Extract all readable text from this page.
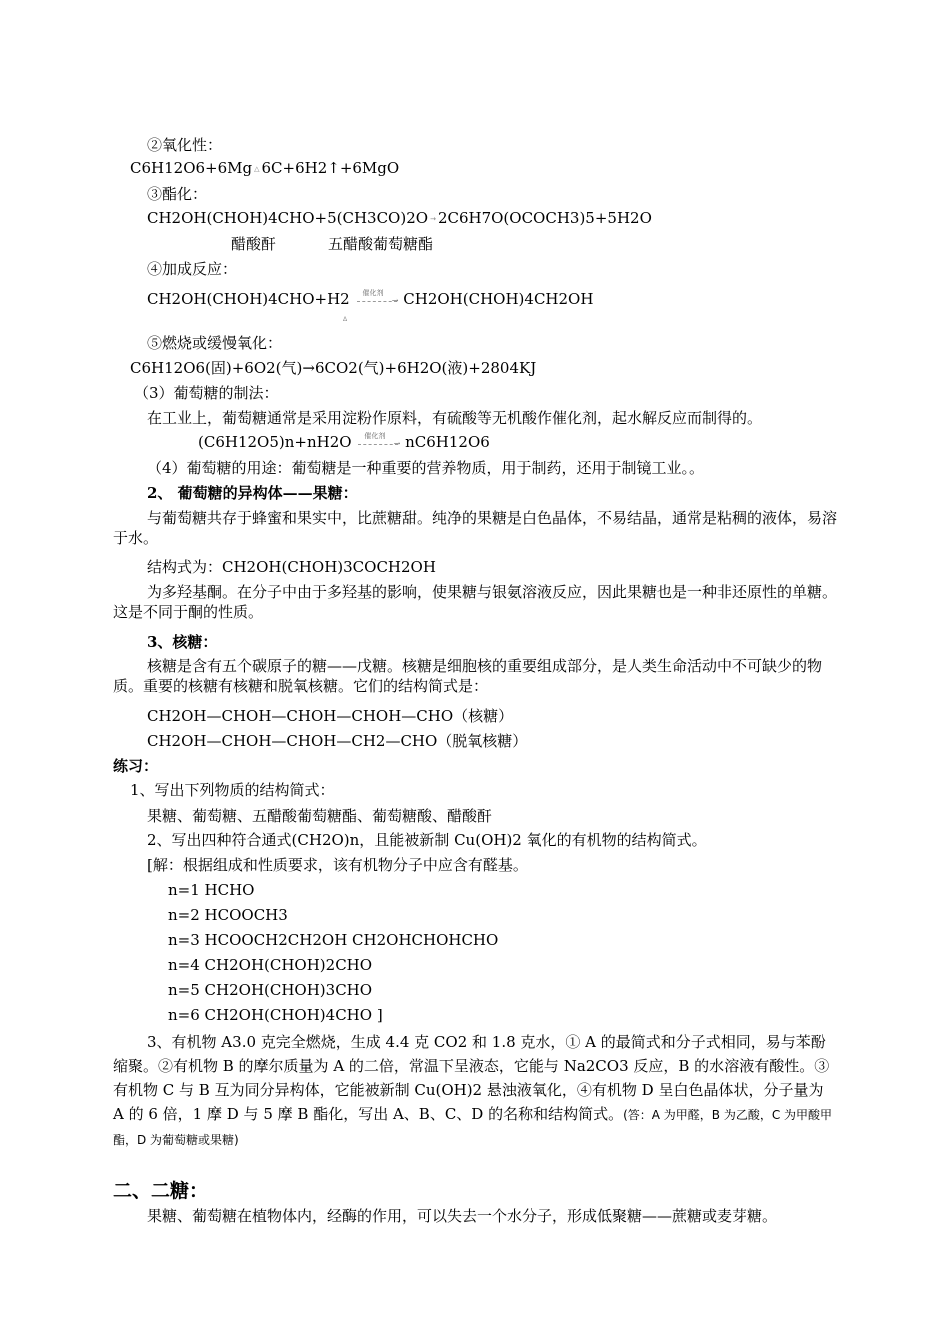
②氧化性：
C6H12O6+6Mg △ 6C+6H2↑+6MgO
③酯化：
CH2OH(CHOH)4CHO+5(CH3CO)2O → 2C6H7O(OCOCH3)5+5H2O
醋酸酐	五醋酸葡萄糖酯
④加成反应：
CH2OH(CHOH)4CHO+H2 催化剂
→ CH2OH(CHOH)4CH2OH
Δ
⑤燃烧或缓慢氧化：
C6H12O6(固)+6O2(气)→6CO2(气)+6H2O(液)+2804KJ
（3）葡萄糖的制法：
在工业上，葡萄糖通常是采用淀粉作原料，有硫酸等无机酸作催化剂，起水解反应而制得的。
(C6H12O5)n+nH2O 催化剂
→ nC6H12O6
（4）葡萄糖的用途：葡萄糖是一种重要的营养物质，用于制药，还用于制镜工业。。
2、 葡萄糖的异构体——果糖：
与葡萄糖共存于蜂蜜和果实中，比蔗糖甜。纯净的果糖是白色晶体，不易结晶，通常是粘稠的液体，易溶于水。
结构式为：CH2OH(CHOH)3COCH2OH
为多羟基酮。在分子中由于多羟基的影响，使果糖与银氨溶液反应，因此果糖也是一种非还原性的单糖。这是不同于酮的性质。
3、核糖：
核糖是含有五个碳原子的糖——戊糖。核糖是细胞核的重要组成部分，是人类生命活动中不可缺少的物质。重要的核糖有核糖和脱氧核糖。它们的结构简式是：
CH2OH—CHOH—CHOH—CHOH—CHO（核糖）
CH2OH—CHOH—CHOH—CH2—CHO（脱氧核糖）
练习：
1、写出下列物质的结构简式：
果糖、葡萄糖、五醋酸葡萄糖酯、葡萄糖酸、醋酸酐
2、写出四种符合通式(CH2O)n，且能被新制 Cu(OH)2 氧化的有机物的结构简式。
[解：根据组成和性质要求，该有机物分子中应含有醛基。
n=1 HCHO
n=2 HCOOCH3
n=3 HCOOCH2CH2OH CH2OHCHOHCHO
n=4 CH2OH(CHOH)2CHO
n=5 CH2OH(CHOH)3CHO
n=6 CH2OH(CHOH)4CHO ]
3、有机物 A3.0 克完全燃烧，生成 4.4 克 CO2 和 1.8 克水，① A 的最简式和分子式相同，易与苯酚缩聚。②有机物 B 的摩尔质量为 A 的二倍，常温下呈液态，它能与 Na2CO3 反应，B 的水溶液有酸性。③有机物 C 与 B 互为同分异构体，它能被新制 Cu(OH)2 悬浊液氧化，④有机物 D 呈白色晶体状，分子量为 A 的 6 倍，1 摩 D 与 5 摩 B 酯化，写出 A、B、C、D 的名称和结构简式。(答：A 为甲醛，B 为乙酸，C 为甲酸甲酯，D 为葡萄糖或果糖)
二、二糖：
果糖、葡萄糖在植物体内，经酶的作用，可以失去一个水分子，形成低聚糖——蔗糖或麦芽糖。
